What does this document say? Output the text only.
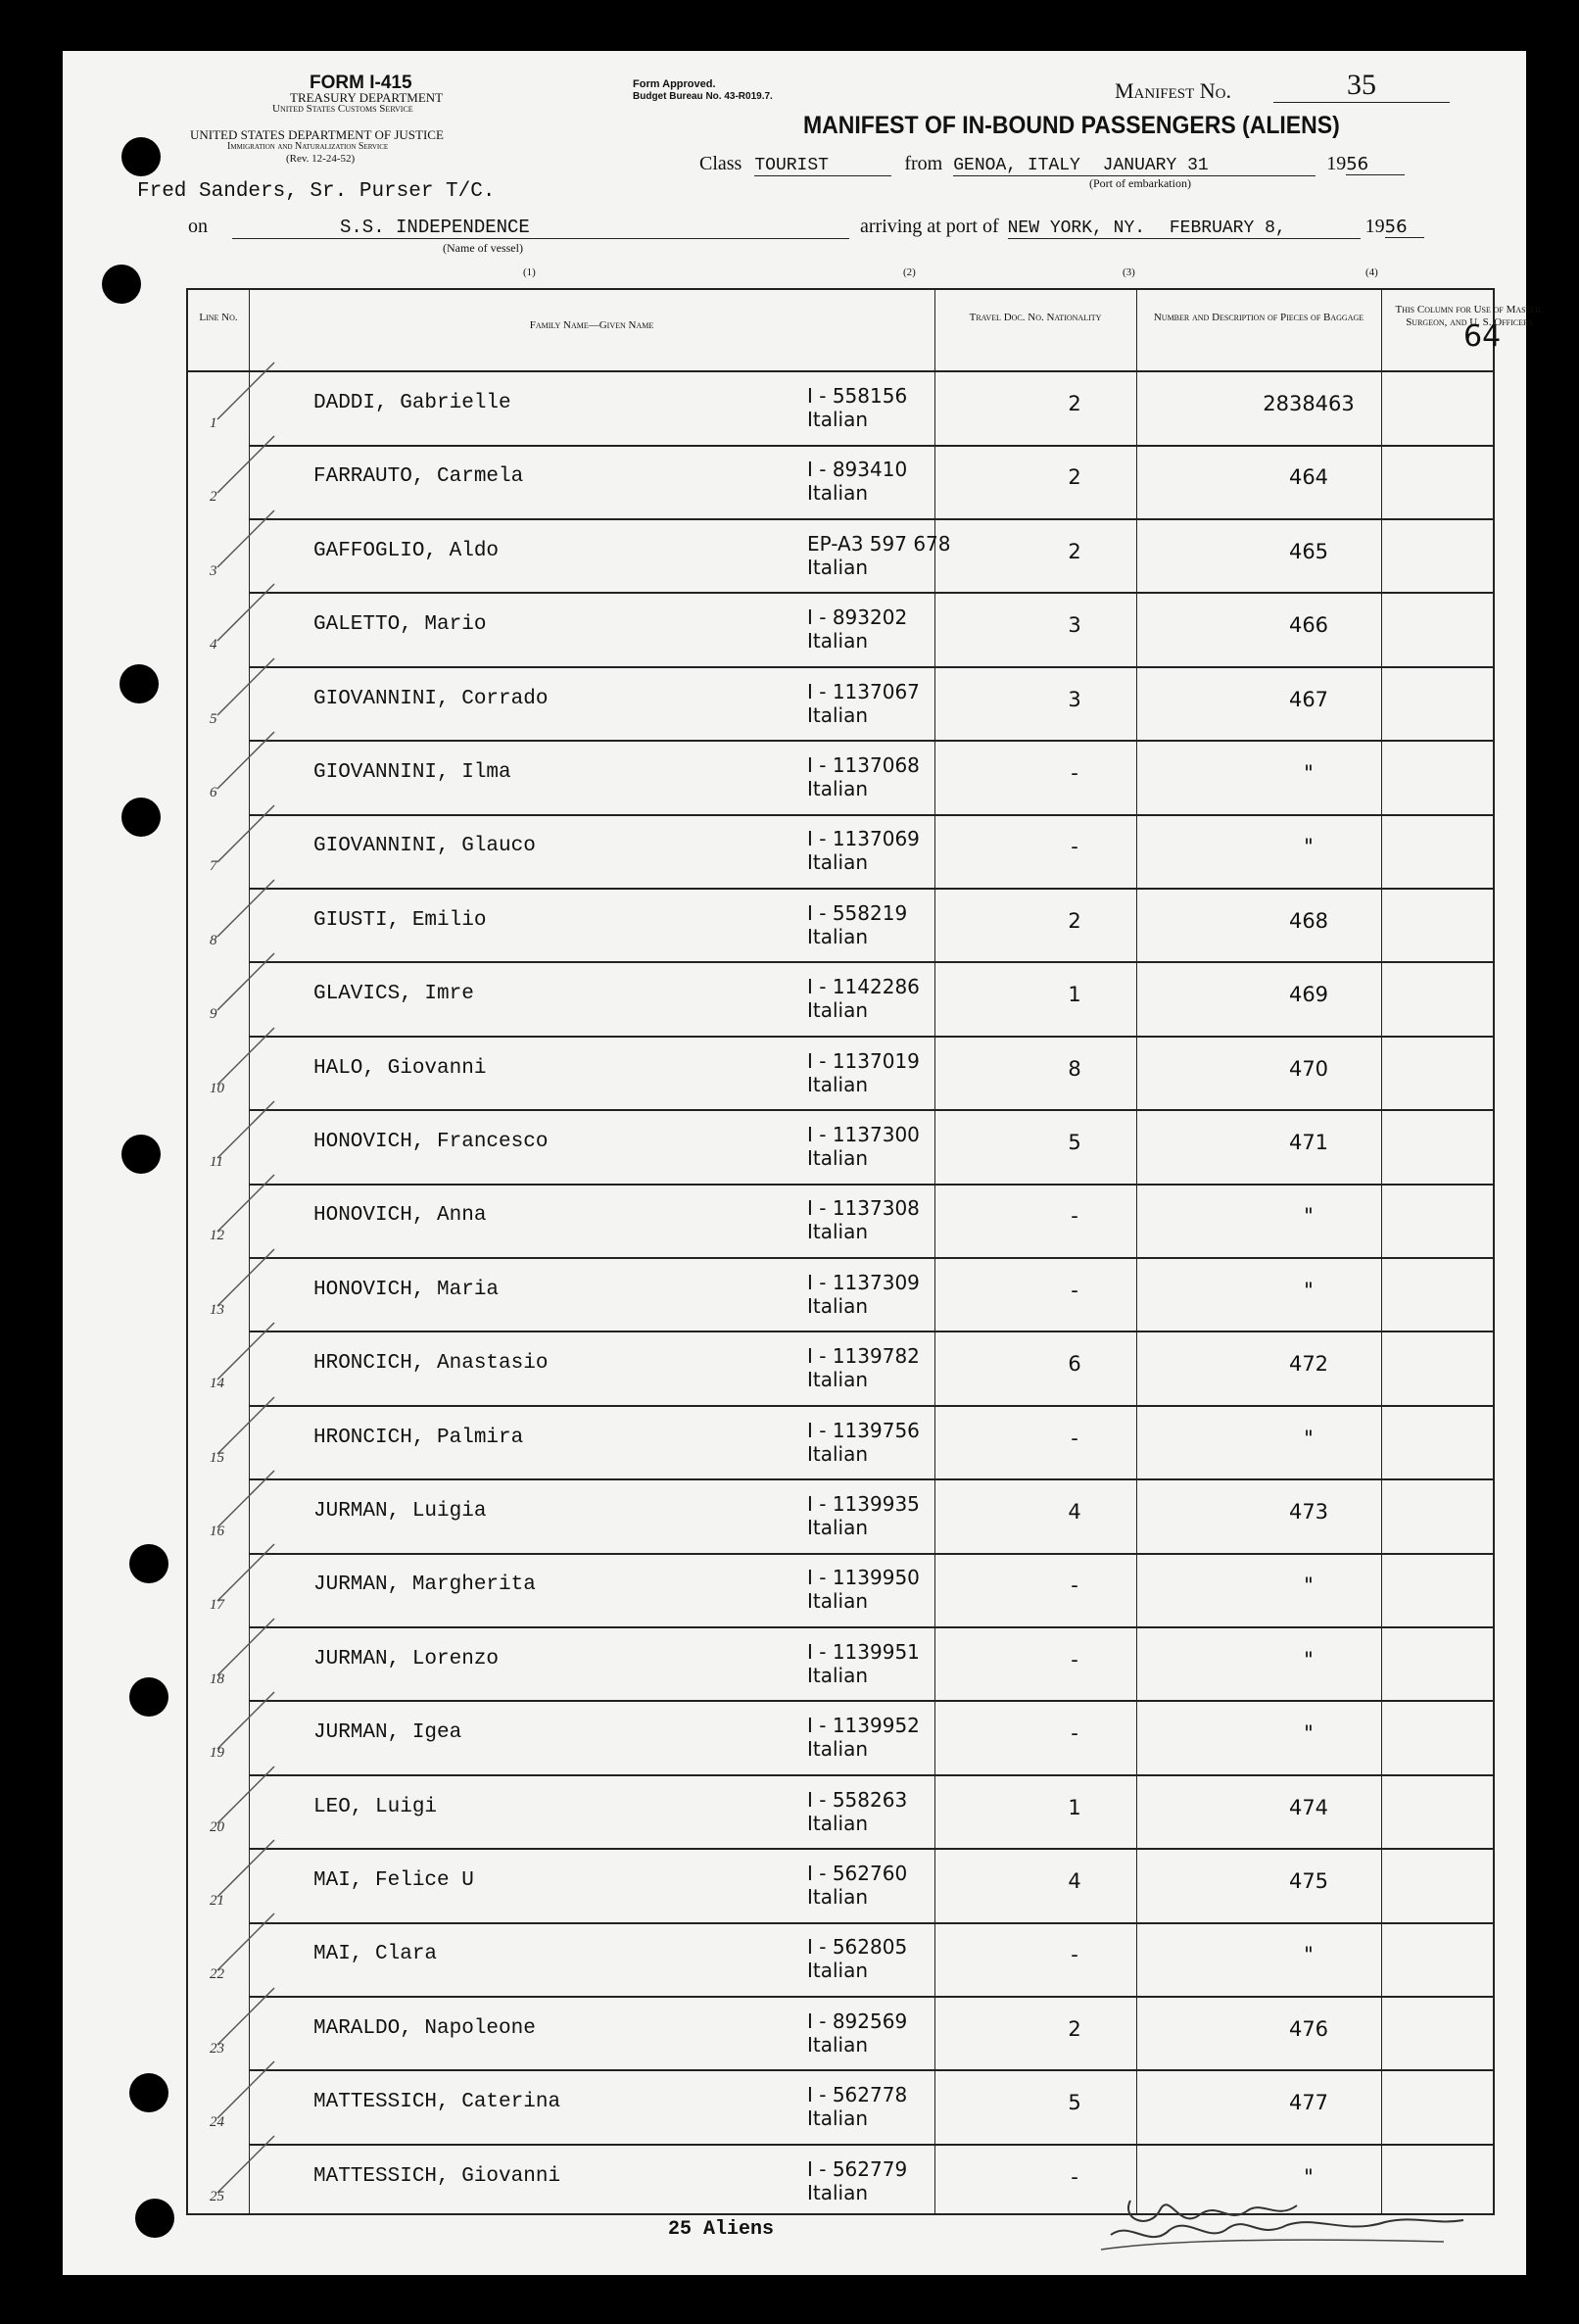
FORM I-415
TREASURY DEPARTMENT
United States Customs Service
UNITED STATES DEPARTMENT OF JUSTICE
Immigration and Naturalization Service
(Rev. 12-24-52)
Form Approved.
Budget Bureau No. 43-R019.7.	Manifest No.	35
MANIFEST OF IN-BOUND PASSENGERS (ALIENS)
Class TOURIST	from GENOA, ITALY JANUARY 31	1956
(Port of embarkation)
Fred Sanders, Sr. Purser T/C.
on	S.S. INDEPENDENCE	arriving at port of NEW YORK, NY. FEBRUARY 8,	1956
(Name of vessel)
(1)	(2)	(3)	(4)
Line No.
Family Name—Given Name
Travel Doc. No. Nationality	Number and Description of Pieces of Baggage
This Column for Use of Master, Surgeon, and U. S. Officers
1
DADDI, Gabrielle	I - 558156
Italian
2	2838463
2
FARRAUTO, Carmela	I - 893410
Italian
2	464
3
GAFFOGLIO, Aldo	EP-A3 597 678
Italian
2	465
4
GALETTO, Mario	I - 893202
Italian
3	466
5
GIOVANNINI, Corrado	I - 1137067
Italian
3	467
6
GIOVANNINI, Ilma	I - 1137068
Italian
-	"
7
GIOVANNINI, Glauco	I - 1137069
Italian
-	"
8
GIUSTI, Emilio	I - 558219
Italian
2	468
9
GLAVICS, Imre	I - 1142286
Italian
1	469
10
HALO, Giovanni	I - 1137019
Italian
8	470
11
HONOVICH, Francesco	I - 1137300
Italian
5	471
12
HONOVICH, Anna	I - 1137308
Italian
-	"
13
HONOVICH, Maria	I - 1137309
Italian
-	"
14
HRONCICH, Anastasio	I - 1139782
Italian
6	472
15
HRONCICH, Palmira	I - 1139756
Italian
-	"
16
JURMAN, Luigia	I - 1139935
Italian
4	473
17
JURMAN, Margherita	I - 1139950
Italian
-	"
18
JURMAN, Lorenzo	I - 1139951
Italian
-	"
19
JURMAN, Igea	I - 1139952
Italian
-	"
20
LEO, Luigi	I - 558263
Italian
1	474
21
MAI, Felice U	I - 562760
Italian
4	475
22
MAI, Clara	I - 562805
Italian
-	"
23
MARALDO, Napoleone	I - 892569
Italian
2	476
24
MATTESSICH, Caterina	I - 562778
Italian
5	477
25
MATTESSICH, Giovanni	I - 562779
Italian
-	"
64
25 Aliens
